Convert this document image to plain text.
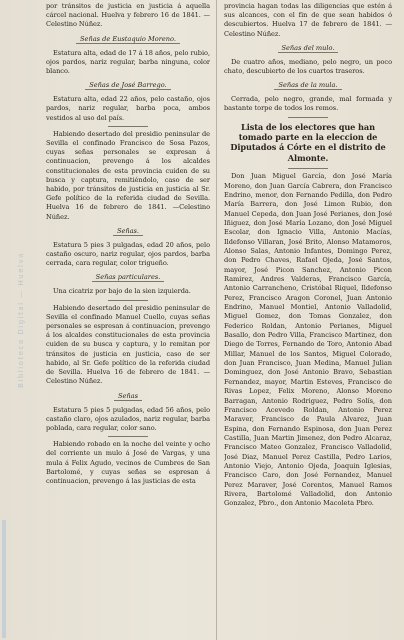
Biblioteca Digital — Huelva

por tránsitos de justicia en justicia á aquella cárcel nacional. Huelva y febrero 16 de 1841. —Celestino Núñez.

Señas de Eustaquio Moreno.

Estatura alta, edad de 17 á 18 años, pelo rubio, ojos pardos, nariz regular, barba ninguna, color blanco.

Señas de José Barrego.

Estatura alta, edad 22 años, pelo castaño, ojos pardos, nariz regular, barba poca, ambos vestidos al uso del país.

Habiendo desertado del presidio peninsular de Sevilla el confinado Francisco de Sosa Pazos, cuyas señas personales se expresan á continuacion, prevengo á los alcaldes constitucionales de esta provincia cuiden de su busca y captura, remitiéndolo, caso de ser habido, por tránsitos de justicia en justicia al Sr. Gefe político de la referida ciudad de Sevilla. Huelva 16 de febrero de 1841. —Celestino Núñez.

Señas.

Estatura 5 pies 3 pulgadas, edad 20 años, pelo castaño oscuro, nariz regular, ojos pardos, barba cerrada, cara regular, color trigueño.

Señas particulares.

Una cicatriz por bajo de la sien izquierda.

Habiendo desertado del presidio peninsular de Sevilla el confinado Manuel Cuello, cuyas señas personales se espresan á continuacion, prevengo á los alcaldes constitucionales de esta provincia cuiden de su busca y captura, y lo remitan por tránsitos de justicia en justicia, caso de ser habido, al Sr. Gefe político de la referida ciudad de Sevilla. Huelva 16 de febrero de 1841. —Celestino Núñez.

Señas

Estatura 5 pies 5 pulgadas, edad 56 años, pelo castaño claro, ojos azulados, nariz regular, barba poblada, cara regular, color sano.

Habiendo robado en la noche del veinte y ocho del corriente un mulo á José de Vargas, y una mula á Felix Agudo, vecinos de Cumbres de San Bartolomé, y cuyas señas se espresan á continuacion, prevengo á las justicias de esta

provincia hagan todas las diligencias que estén á sus alcances, con el fin de que sean habidos ó descubiertos. Huelva 17 de febrero de 1841. —Celestino Núñez.

Señas del mulo.

De cuatro años, mediano, pelo negro, un poco chato, descubierto de los cuartos traseros.

Señas de la mula.

Cerrada, pelo negro, grande, mal formada y bastante torpe de todos los remos.

Lista de los electores que han tomado parte en la eleccion de Diputados á Córte en el distrito de Almonte.

Don Juan Miguel García, don José María Moreno, don Juan García Cabrera, don Francisco Endrino, menor, don Fernando Pedilla, don Pedro María Barrera, don José Limon Rubio, don Manuel Cepeda, don Juan José Perianes, don José Iñiguez, don José María Lozano, don José Miguel Escolar, don Ignacio Villa, Antonio Macías, Ildefonso Villaran, José Brito, Alonso Matamoros, Alonso Salas, Antonio Infantes, Domingo Perez, don Pedro Chaves, Rafael Ojeda, José Santos, mayor, José Picon Sanchez, Antonio Picon Ramirez, Andres Valderas, Francisco García, Antonio Carrancheno, Cristóbal Riquel, Ildefonso Perez, Francisco Aragon Coronel, Juan Antonio Endrino, Manuel Montiel, Antonio Valladolid, Miguel Gomez, don Tomas Gonzalez, don Federico Roldan, Antonio Perianes, Miguel Basallo, don Pedro Villa, Francisco Martinez, don Diego de Torres, Fernando de Toro, Antonio Abad Millar, Manuel de los Santos, Miguel Colorado, don Juan Francisco, Juan Medina, Manuel Julian Dominguez, don José Antonio Bravo, Sebastian Fernandez, mayor, Martin Esteves, Francisco de Rivas Lopez, Felix Moreno, Alonso Moreno Barragan, Antonio Rodriguez, Pedro Solís, don Francisco Acevedo Roldan, Antonio Perez Maraver, Francisco de Paula Alvarez, Juan Espina, don Fernando Espinosa, don Juan Perez Castilla, Juan Martin Jimenez, don Pedro Alcaraz, Francisco Mateo Gonzalez, Francisco Valladolid, José Diaz, Manuel Perez Castilla, Pedro Larios, Antonio Viejo, Antonio Ojeda, Joaquin Iglesias, Francisco Caro, don José Fernandez, Manuel Perez Maraver, José Corentos, Manuel Ramos Rivera, Bartolomé Valladolid, don Antonio Gonzalez, Pbro., don Antonio Macoleta Pbro.
